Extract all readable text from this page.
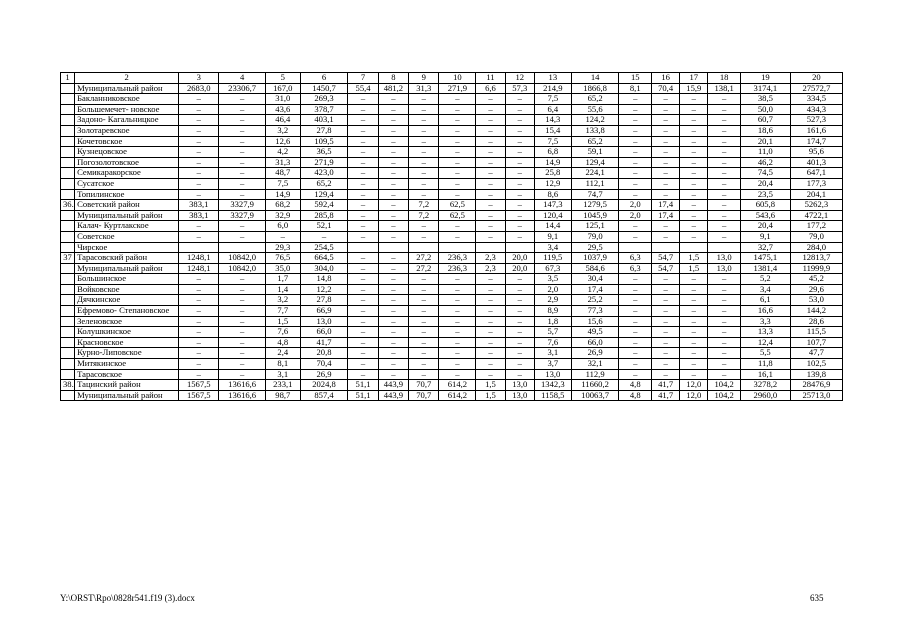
1	2	3	4	5	6	7	8	9	10	11	12	13	14	15	16	17	18	19	20
	Муниципальный район	2683,0	23306,7	167,0	1450,7	55,4	481,2	31,3	271,9	6,6	57,3	214,9	1866,8	8,1	70,4	15,9	138,1	3174,1	27572,7
	Бакланниковское	–	–	31,0	269,3	–	–	–	–	–	–	7,5	65,2	–	–	–	–	38,5	334,5
	Большемечет- новское	–	–	43,6	378,7	–	–	–	–	–	–	6,4	55,6	–	–	–	–	50,0	434,3
	Задоно- Кагальницкое	–	–	46,4	403,1	–	–	–	–	–	–	14,3	124,2	–	–	–	–	60,7	527,3
	Золотаревское	–	–	3,2	27,8	–	–	–	–	–	–	15,4	133,8	–	–	–	–	18,6	161,6
	Кочетовское	–	–	12,6	109,5	–	–	–	–	–	–	7,5	65,2	–	–	–	–	20,1	174,7
	Кузнецовское	–	–	4,2	36,5	–	–	–	–	–	–	6,8	59,1	–	–	–	–	11,0	95,6
	Погозолотовское	–	–	31,3	271,9	–	–	–	–	–	–	14,9	129,4	–	–	–	–	46,2	401,3
	Семикаракорское	–	–	48,7	423,0	–	–	–	–	–	–	25,8	224,1	–	–	–	–	74,5	647,1
	Сусатское	–	–	7,5	65,2	–	–	–	–	–	–	12,9	112,1	–	–	–	–	20,4	177,3
	Топилинское	–	–	14,9	129,4	–	–	–	–	–	–	8,6	74,7	–	–	–	–	23,5	204,1
36.	Советский район	383,1	3327,9	68,2	592,4	–	–	7,2	62,5	–	–	147,3	1279,5	2,0	17,4	–	–	605,8	5262,3
	Муниципальный район	383,1	3327,9	32,9	285,8	–	–	7,2	62,5	–	–	120,4	1045,9	2,0	17,4	–	–	543,6	4722,1
	Калач- Куртлакское	–	–	6,0	52,1	–	–	–	–	–	–	14,4	125,1	–	–	–	–	20,4	177,2
	Советское	–	–	–	–	–	–	–	–	–	–	9,1	79,0	–	–	–	–	9,1	79,0
	Чирское			29,3	254,5							3,4	29,5					32,7	284,0
37	Тарасовский район	1248,1	10842,0	76,5	664,5	–	–	27,2	236,3	2,3	20,0	119,5	1037,9	6,3	54,7	1,5	13,0	1475,1	12813,7
	Муниципальный район	1248,1	10842,0	35,0	304,0	–	–	27,2	236,3	2,3	20,0	67,3	584,6	6,3	54,7	1,5	13,0	1381,4	11999,9
	Большинское	–	–	1,7	14,8	–	–	–	–	–	–	3,5	30,4	–	–	–	–	5,2	45,2
	Войковское	–	–	1,4	12,2	–	–	–	–	–	–	2,0	17,4	–	–	–	–	3,4	29,6
	Дячкинское	–	–	3,2	27,8	–	–	–	–	–	–	2,9	25,2	–	–	–	–	6,1	53,0
	Ефремово- Степановское	–	–	7,7	66,9	–	–	–	–	–	–	8,9	77,3	–	–	–	–	16,6	144,2
	Зеленовское	–	–	1,5	13,0	–	–	–	–	–	–	1,8	15,6	–	–	–	–	3,3	28,6
	Колушкинское	–	–	7,6	66,0	–	–	–	–	–	–	5,7	49,5	–	–	–	–	13,3	115,5
	Красновское	–	–	4,8	41,7	–	–	–	–	–	–	7,6	66,0	–	–	–	–	12,4	107,7
	Курно-Липовское	–	–	2,4	20,8	–	–	–	–	–	–	3,1	26,9	–	–	–	–	5,5	47,7
	Митякинское	–	–	8,1	70,4	–	–	–	–	–	–	3,7	32,1	–	–	–	–	11,8	102,5
	Тарасовское	–	–	3,1	26,9	–	–	–	–	–	–	13,0	112,9	–	–	–	–	16,1	139,8
38.	Тацинский район	1567,5	13616,6	233,1	2024,8	51,1	443,9	70,7	614,2	1,5	13,0	1342,3	11660,2	4,8	41,7	12,0	104,2	3278,2	28476,9
	Муниципальный район	1567,5	13616,6	98,7	857,4	51,1	443,9	70,7	614,2	1,5	13,0	1158,5	10063,7	4,8	41,7	12,0	104,2	2960,0	25713,0
Y:\ORST\Rpo\0828r541.f19 (3).docx	635
